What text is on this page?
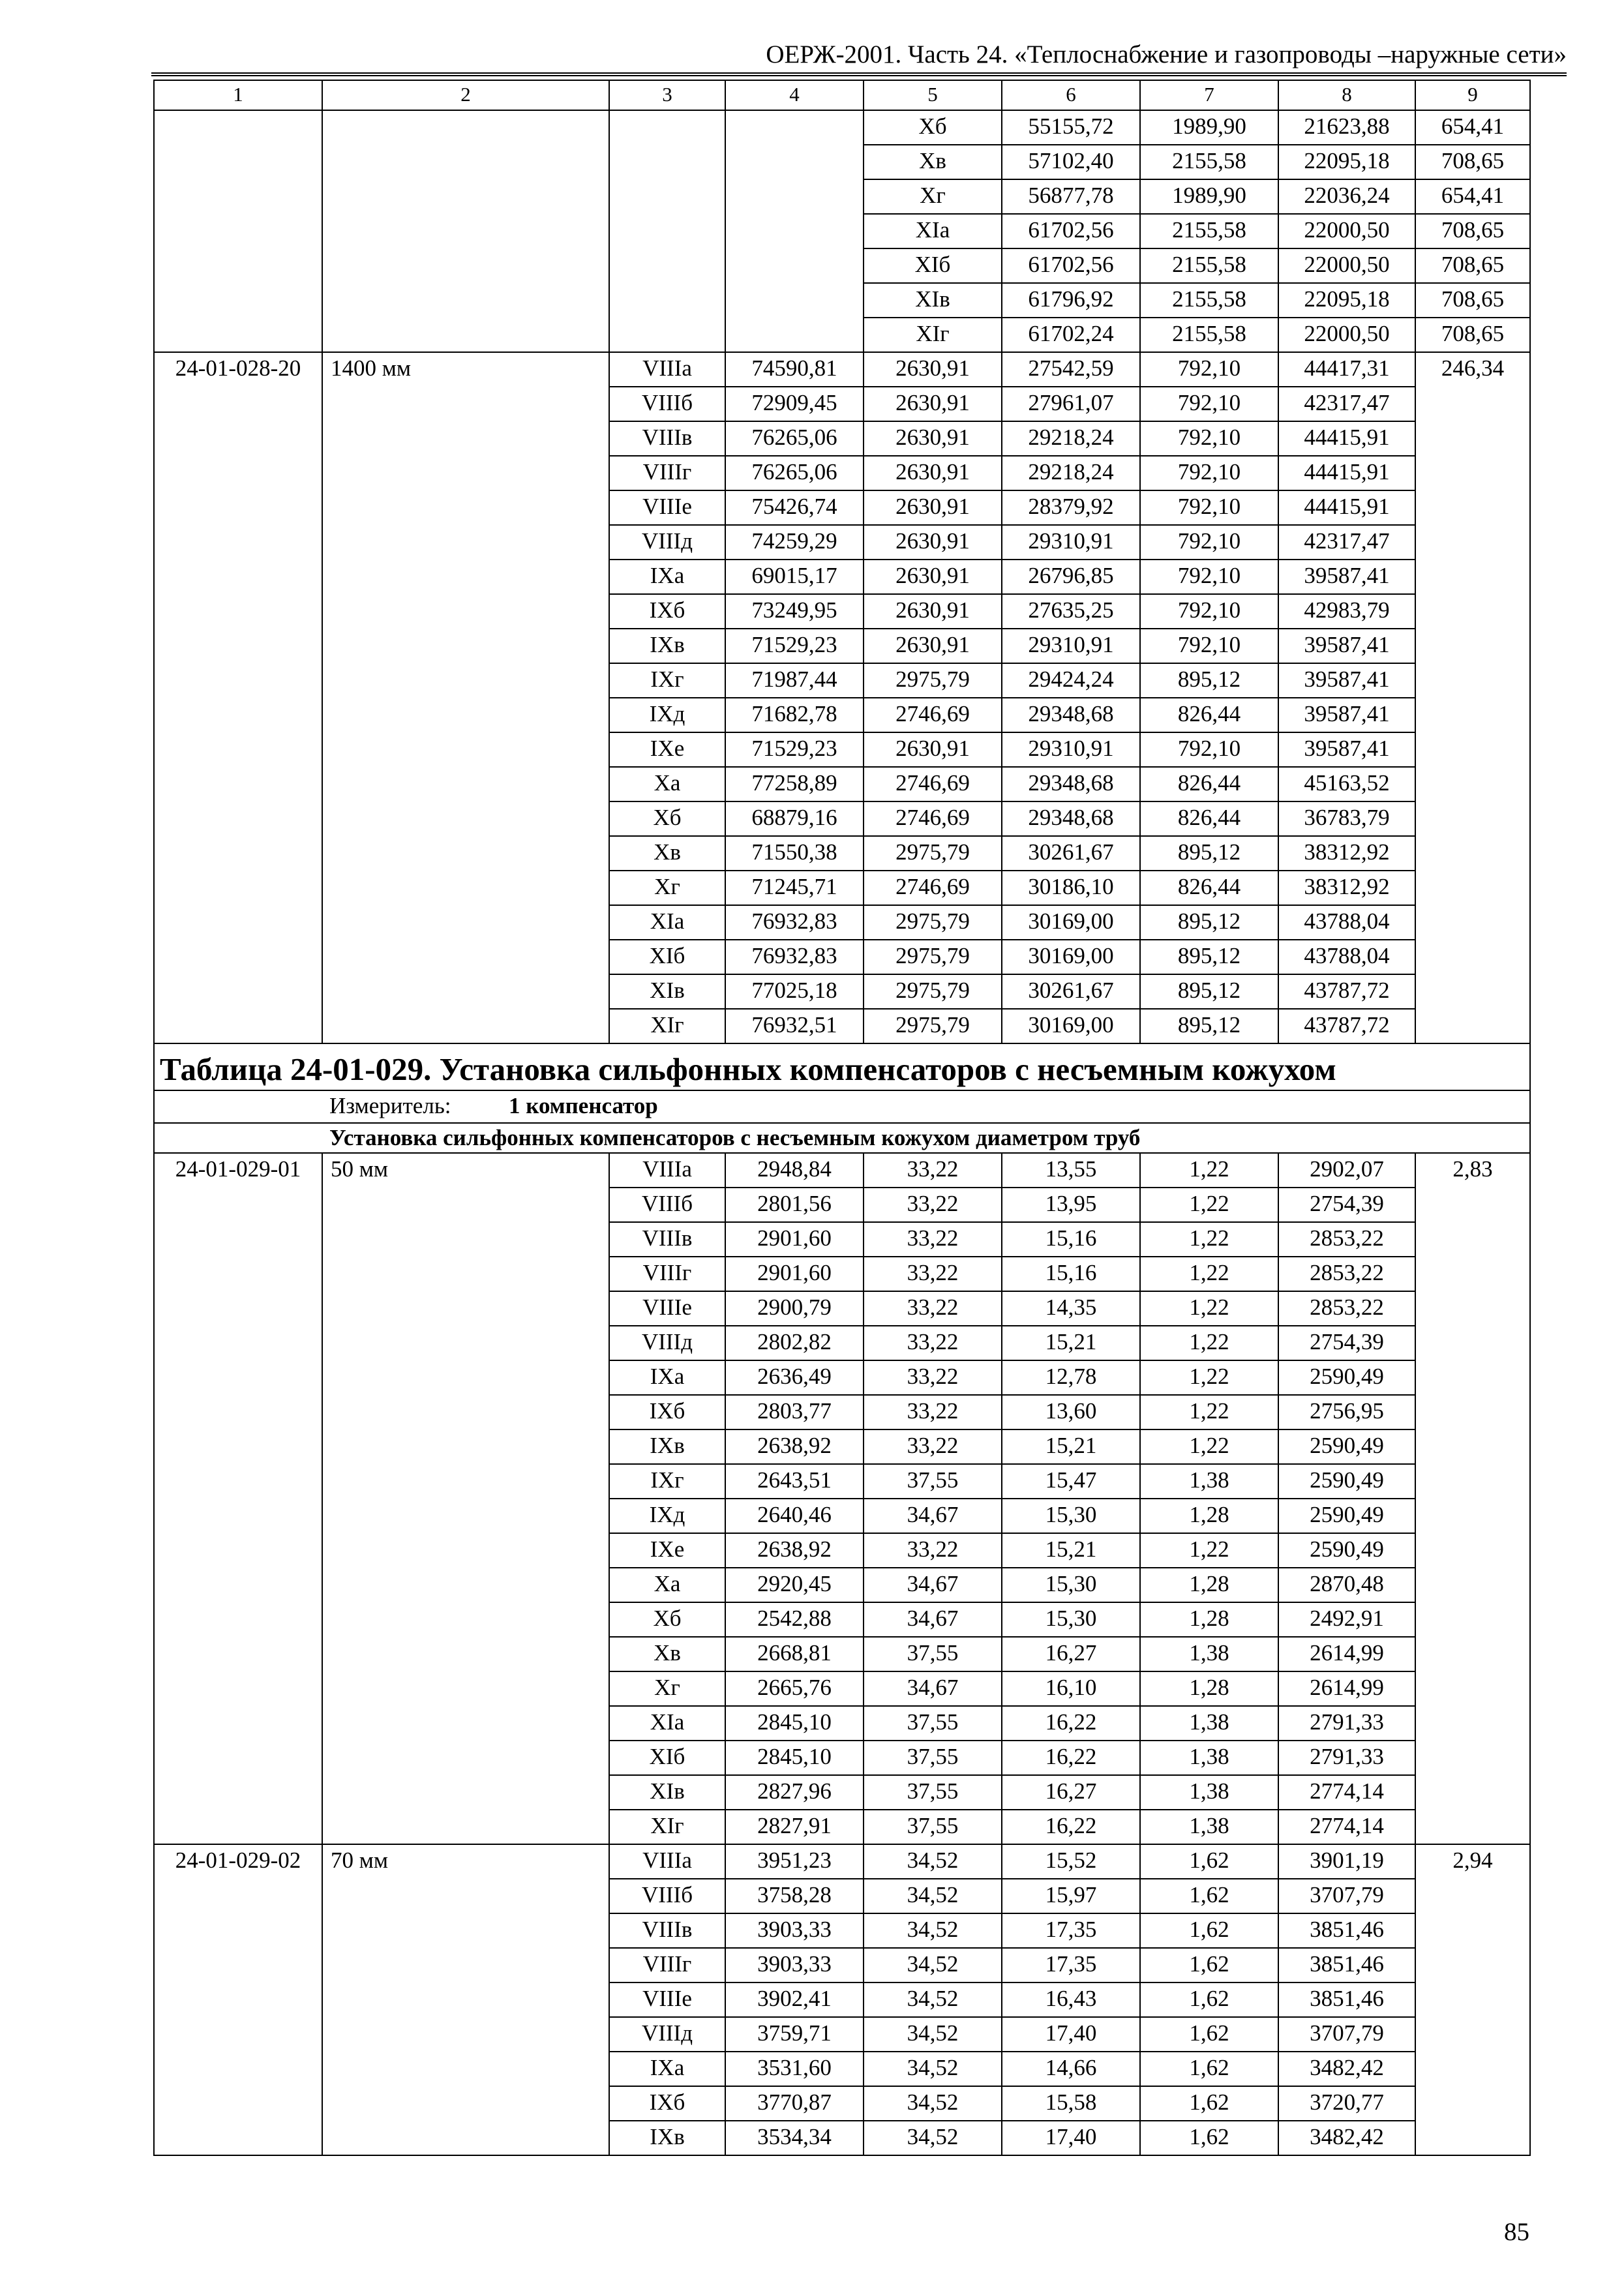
ОЕРЖ-2001. Часть 24. «Теплоснабжение и газопроводы –наружные сети»
1	2	3	4	5	6	7	8	9	
				Хб	55155,72	1989,90	21623,88	654,41			
				Хв	57102,40	2155,58	22095,18	708,65	
				Хг	56877,78	1989,90	22036,24	654,41	
				XIа	61702,56	2155,58	22000,50	708,65	
				XIб	61702,56	2155,58	22000,50	708,65	
				XIв	61796,92	2155,58	22095,18	708,65	
				XIг	61702,24	2155,58	22000,50	708,65	
24-01-028-20	1400 мм	VIIIа	74590,81	2630,91	27542,59	792,10	44417,31	246,34	
		VIIIб	72909,45	2630,91	27961,07	792,10	42317,47		
		VIIIв	76265,06	2630,91	29218,24	792,10	44415,91		
		VIIIг	76265,06	2630,91	29218,24	792,10	44415,91		
		VIIIе	75426,74	2630,91	28379,92	792,10	44415,91		
		VIIIд	74259,29	2630,91	29310,91	792,10	42317,47		
		IXа	69015,17	2630,91	26796,85	792,10	39587,41		
		IXб	73249,95	2630,91	27635,25	792,10	42983,79		
		IXв	71529,23	2630,91	29310,91	792,10	39587,41		
		IXг	71987,44	2975,79	29424,24	895,12	39587,41		
		IXд	71682,78	2746,69	29348,68	826,44	39587,41		
		IXе	71529,23	2630,91	29310,91	792,10	39587,41		
		Ха	77258,89	2746,69	29348,68	826,44	45163,52		
		Хб	68879,16	2746,69	29348,68	826,44	36783,79		
		Хв	71550,38	2975,79	30261,67	895,12	38312,92		
		Хг	71245,71	2746,69	30186,10	826,44	38312,92		
		XIа	76932,83	2975,79	30169,00	895,12	43788,04		
		XIб	76932,83	2975,79	30169,00	895,12	43788,04		
		XIв	77025,18	2975,79	30261,67	895,12	43787,72		
		XIг	76932,51	2975,79	30169,00	895,12	43787,72		
Таблица 24-01-029. Установка сильфонных компенсаторов с несъемным кожухом									
Измеритель: 1 компенсатор									
Установка сильфонных компенсаторов с несъемным кожухом диаметром труб									
24-01-029-01	50 мм	VIIIа	2948,84	33,22	13,55	1,22	2902,07	2,83	
		VIIIб	2801,56	33,22	13,95	1,22	2754,39		
		VIIIв	2901,60	33,22	15,16	1,22	2853,22		
		VIIIг	2901,60	33,22	15,16	1,22	2853,22		
		VIIIе	2900,79	33,22	14,35	1,22	2853,22		
		VIIIд	2802,82	33,22	15,21	1,22	2754,39		
		IXа	2636,49	33,22	12,78	1,22	2590,49		
		IXб	2803,77	33,22	13,60	1,22	2756,95		
		IXв	2638,92	33,22	15,21	1,22	2590,49		
		IXг	2643,51	37,55	15,47	1,38	2590,49		
		IXд	2640,46	34,67	15,30	1,28	2590,49		
		IXе	2638,92	33,22	15,21	1,22	2590,49		
		Ха	2920,45	34,67	15,30	1,28	2870,48		
		Хб	2542,88	34,67	15,30	1,28	2492,91		
		Хв	2668,81	37,55	16,27	1,38	2614,99		
		Хг	2665,76	34,67	16,10	1,28	2614,99		
		XIа	2845,10	37,55	16,22	1,38	2791,33		
		XIб	2845,10	37,55	16,22	1,38	2791,33		
		XIв	2827,96	37,55	16,27	1,38	2774,14		
		XIг	2827,91	37,55	16,22	1,38	2774,14		
24-01-029-02	70 мм	VIIIа	3951,23	34,52	15,52	1,62	3901,19	2,94	
		VIIIб	3758,28	34,52	15,97	1,62	3707,79		
		VIIIв	3903,33	34,52	17,35	1,62	3851,46		
		VIIIг	3903,33	34,52	17,35	1,62	3851,46		
		VIIIе	3902,41	34,52	16,43	1,62	3851,46		
		VIIIд	3759,71	34,52	17,40	1,62	3707,79		
		IXа	3531,60	34,52	14,66	1,62	3482,42		
		IXб	3770,87	34,52	15,58	1,62	3720,77		
		IXв	3534,34	34,52	17,40	1,62	3482,42		
85
